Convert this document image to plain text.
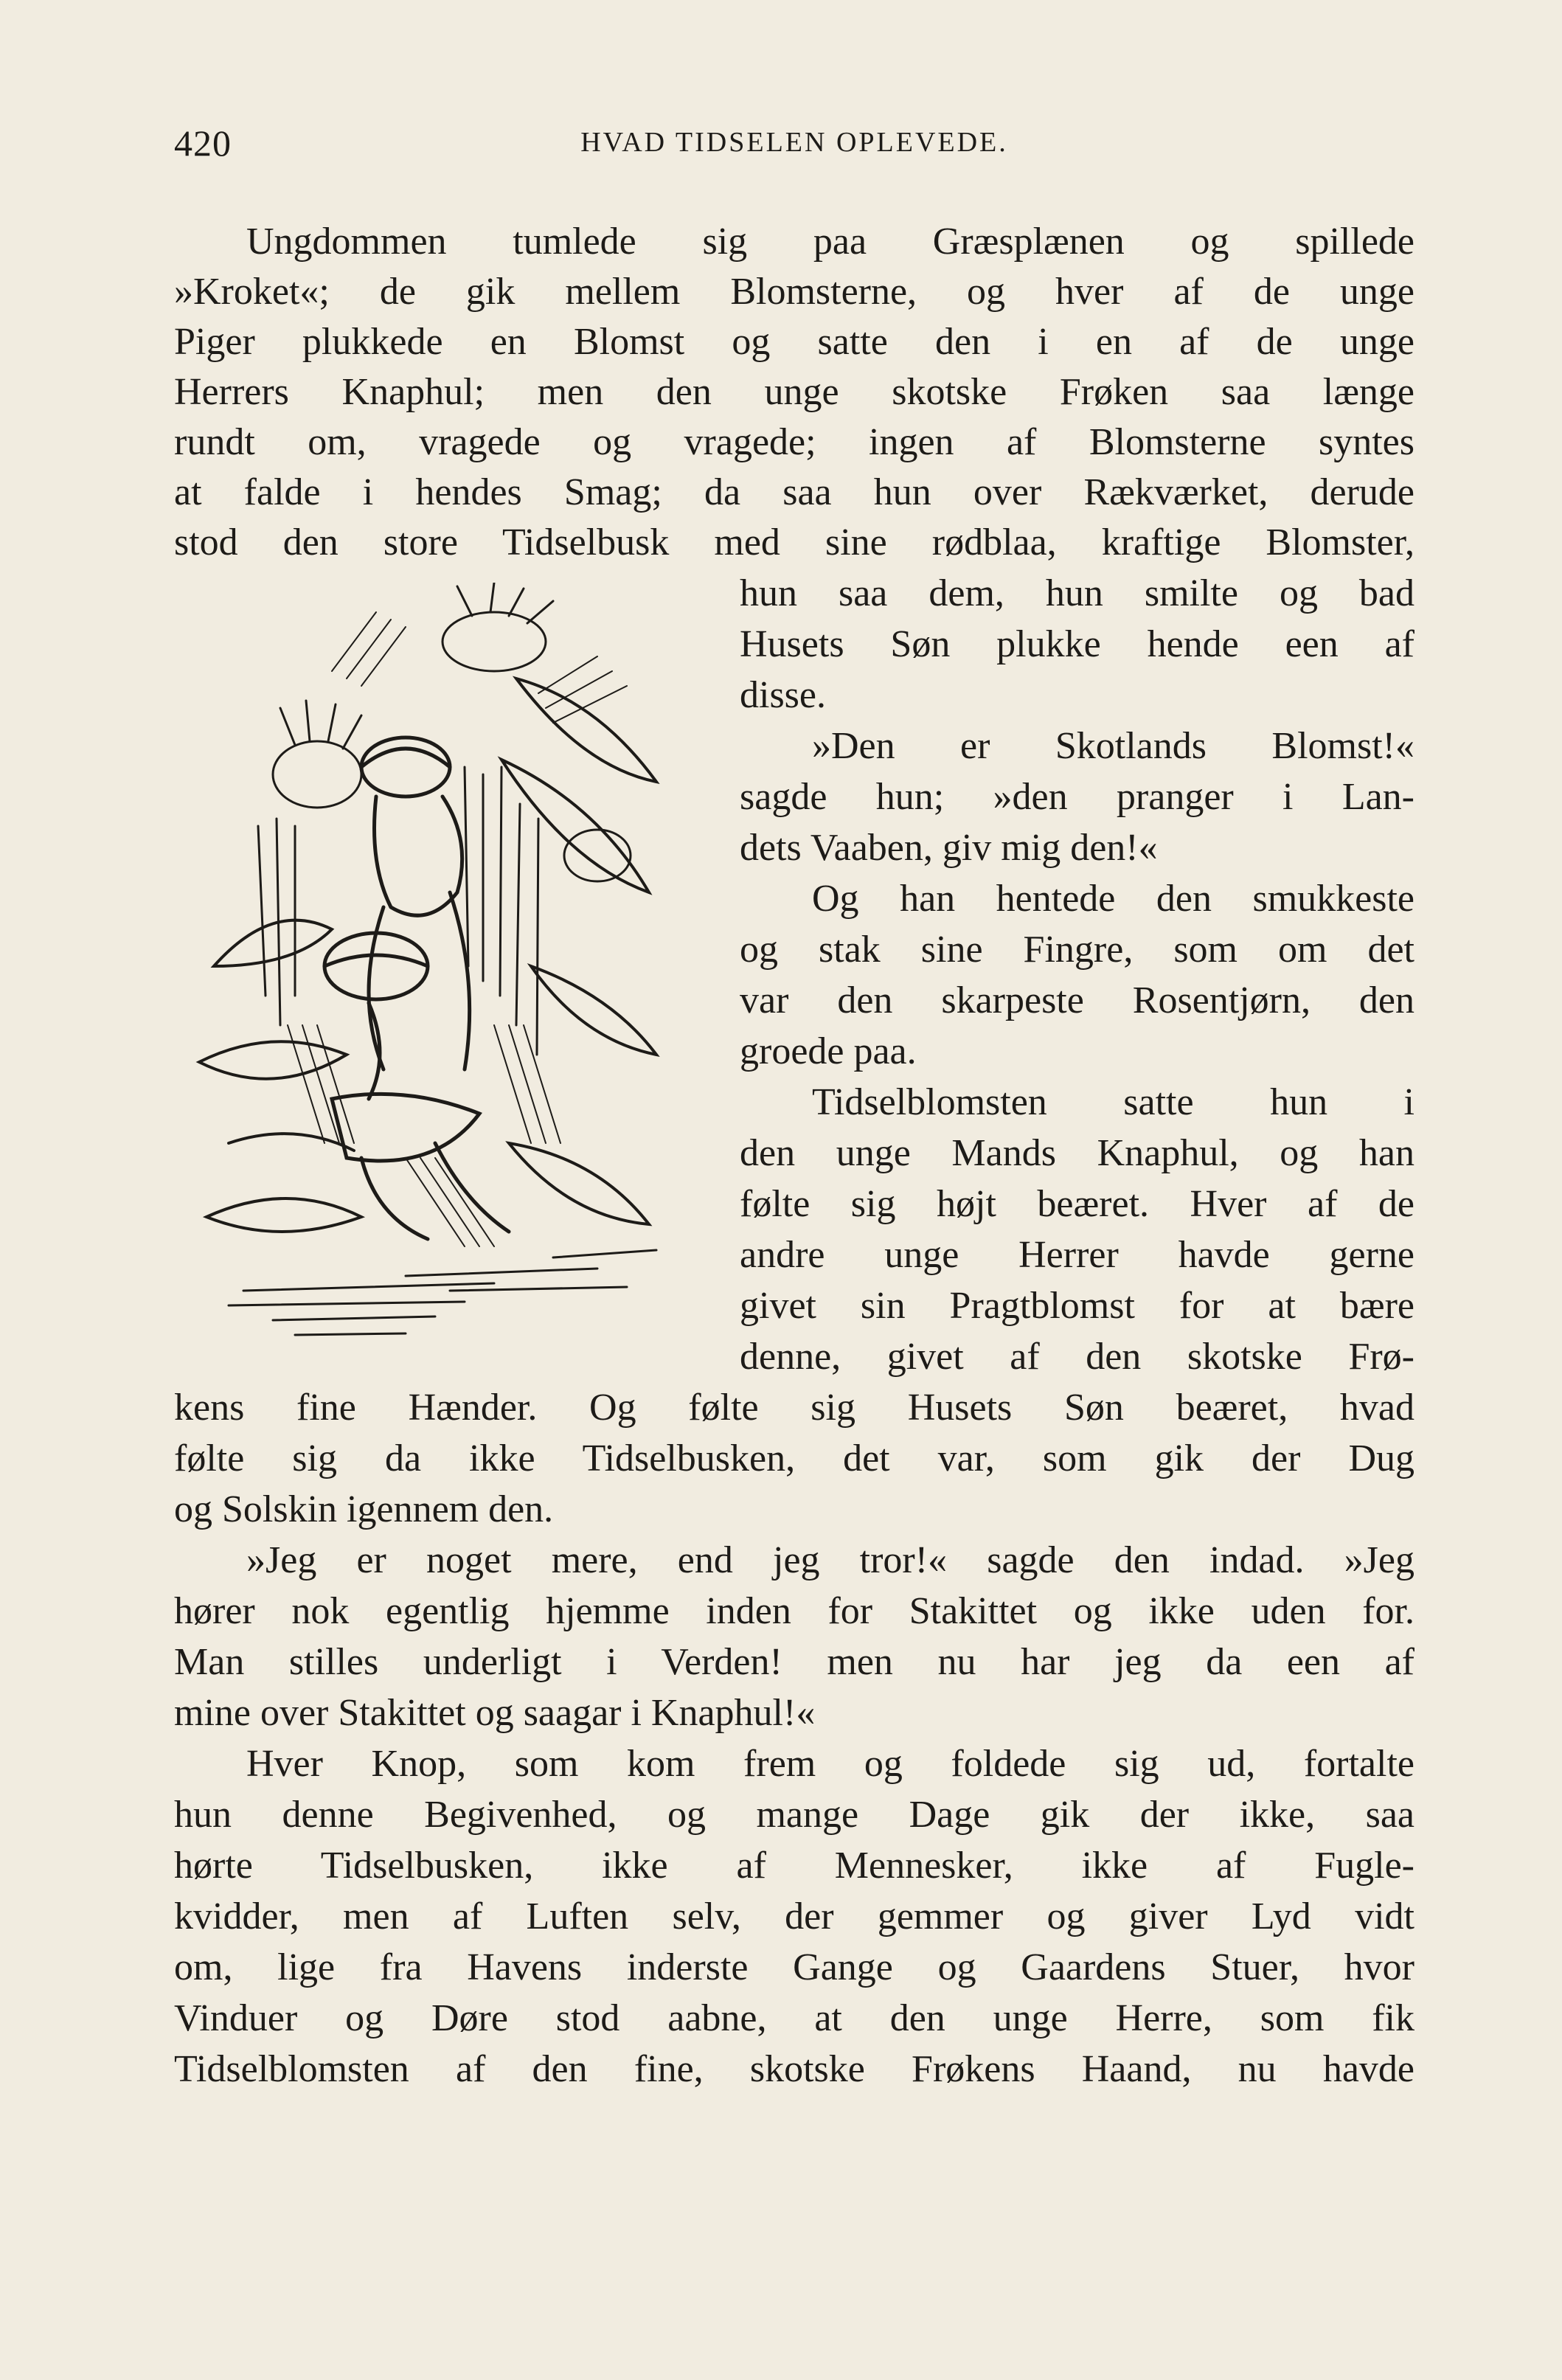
420	HVAD TIDSELEN OPLEVEDE.

Ungdommen tumlede sig paa Græsplænen og spillede

»Kroket«; de gik mellem Blomsterne, og hver af de unge

Piger plukkede en Blomst og satte den i en af de unge

Herrers Knaphul; men den unge skotske Frøken saa længe

rundt om, vragede og vragede; ingen af Blomsterne syntes

at falde i hendes Smag; da saa hun over Rækværket, derude

stod den store Tidselbusk med sine rødblaa, kraftige Blomster,

hun saa dem, hun smilte og bad

Husets Søn plukke hende een af

disse.

»Den er Skotlands Blomst!«

sagde hun; »den pranger i Lan-

dets Vaaben, giv mig den!«

Og han hentede den smukkeste

og stak sine Fingre, som om det

var den skarpeste Rosentjørn, den

groede paa.

Tidselblomsten satte hun i

den unge Mands Knaphul, og han

følte sig højt beæret. Hver af de

andre unge Herrer havde gerne

givet sin Pragtblomst for at bære

denne, givet af den skotske Frø-

kens fine Hænder. Og følte sig Husets Søn beæret, hvad

følte sig da ikke Tidselbusken, det var, som gik der Dug

og Solskin igennem den.

»Jeg er noget mere, end jeg tror!« sagde den indad. »Jeg

hører nok egentlig hjemme inden for Stakittet og ikke uden for.

Man stilles underligt i Verden! men nu har jeg da een af

mine over Stakittet og saagar i Knaphul!«

Hver Knop, som kom frem og foldede sig ud, fortalte

hun denne Begivenhed, og mange Dage gik der ikke, saa

hørte Tidselbusken, ikke af Mennesker, ikke af Fugle-

kvidder, men af Luften selv, der gemmer og giver Lyd vidt

om, lige fra Havens inderste Gange og Gaardens Stuer, hvor

Vinduer og Døre stod aabne, at den unge Herre, som fik

Tidselblomsten af den fine, skotske Frøkens Haand, nu havde
